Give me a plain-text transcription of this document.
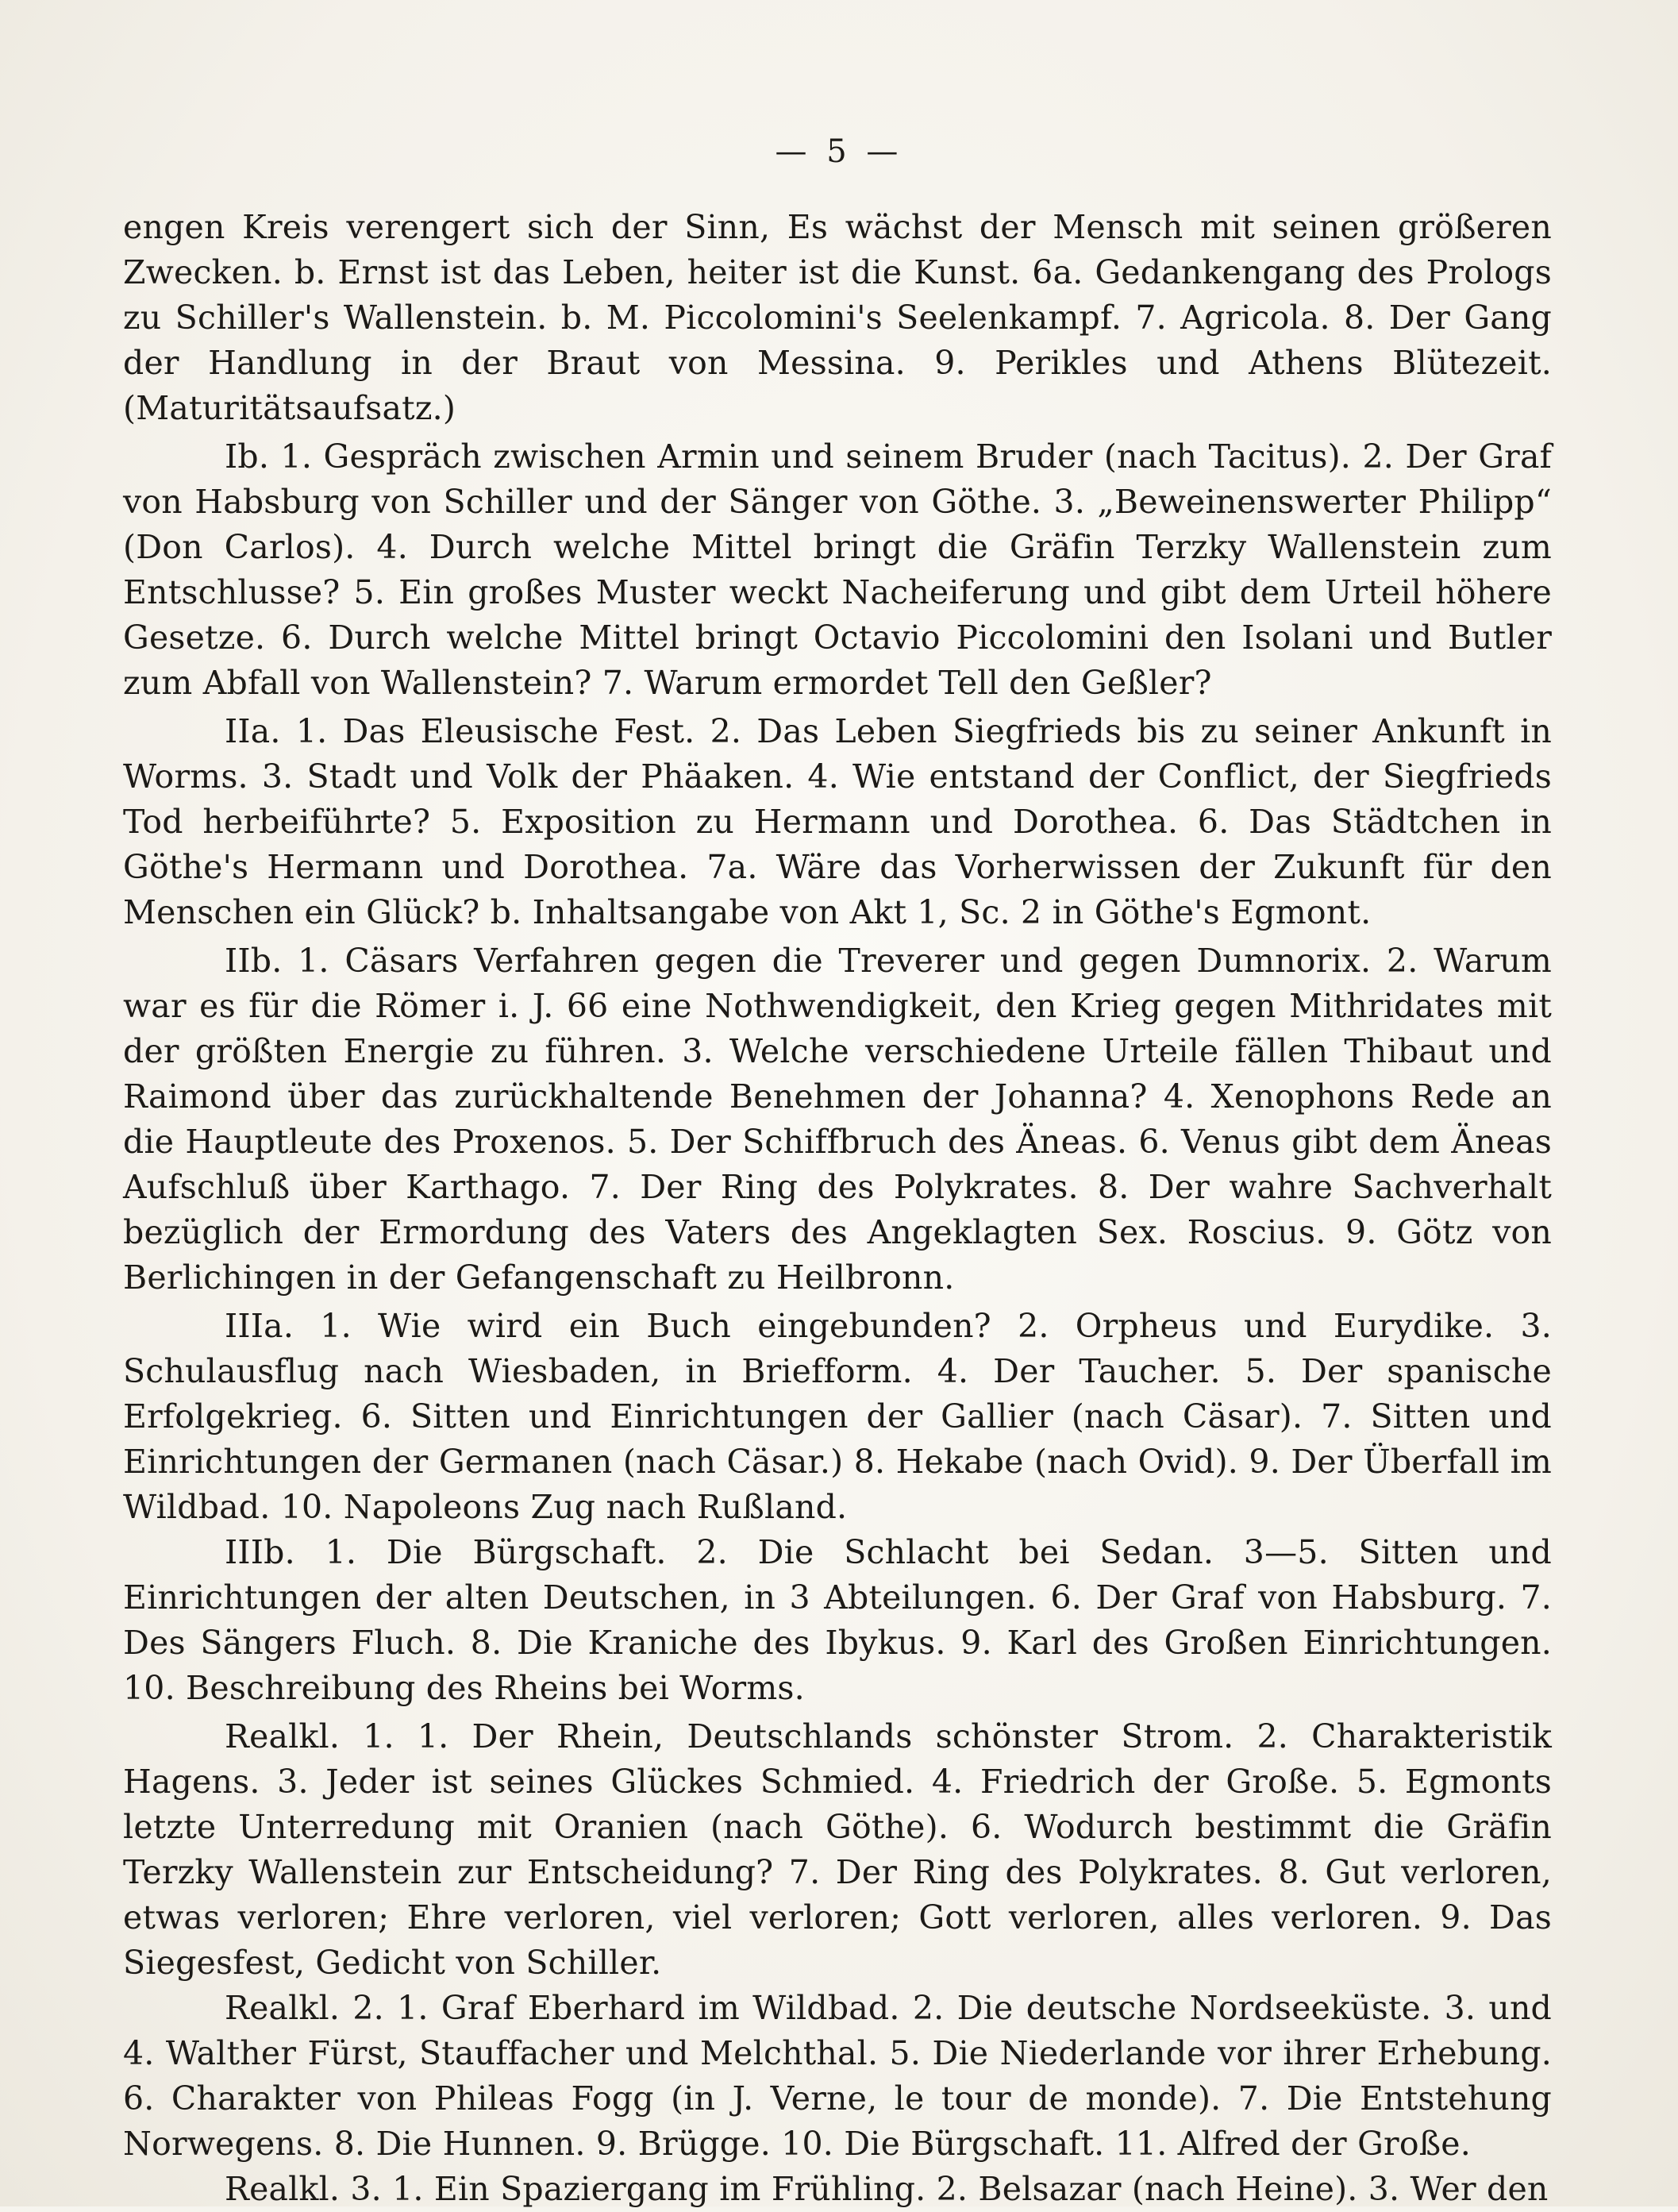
— 5 —

engen Kreis verengert sich der Sinn, Es wächst der Mensch mit seinen größeren Zwecken. b. Ernst ist das Leben, heiter ist die Kunst. 6a. Gedankengang des Prologs zu Schiller's Wallenstein. b. M. Piccolomini's Seelenkampf. 7. Agricola. 8. Der Gang der Handlung in der Braut von Messina. 9. Perikles und Athens Blütezeit. (Maturitätsaufsatz.)

Ib. 1. Gespräch zwischen Armin und seinem Bruder (nach Tacitus). 2. Der Graf von Habsburg von Schiller und der Sänger von Göthe. 3. „Beweinenswerter Philipp“ (Don Carlos). 4. Durch welche Mittel bringt die Gräfin Terzky Wallenstein zum Entschlusse? 5. Ein großes Muster weckt Nacheiferung und gibt dem Urteil höhere Gesetze. 6. Durch welche Mittel bringt Octavio Piccolomini den Isolani und Butler zum Abfall von Wallenstein? 7. Warum ermordet Tell den Geßler?

IIa. 1. Das Eleusische Fest. 2. Das Leben Siegfrieds bis zu seiner Ankunft in Worms. 3. Stadt und Volk der Phäaken. 4. Wie entstand der Conflict, der Siegfrieds Tod herbeiführte? 5. Exposition zu Hermann und Dorothea. 6. Das Städtchen in Göthe's Hermann und Dorothea. 7a. Wäre das Vorherwissen der Zukunft für den Menschen ein Glück? b. Inhaltsangabe von Akt 1, Sc. 2 in Göthe's Egmont.

IIb. 1. Cäsars Verfahren gegen die Treverer und gegen Dumnorix. 2. Warum war es für die Römer i. J. 66 eine Nothwendigkeit, den Krieg gegen Mithridates mit der größten Energie zu führen. 3. Welche verschiedene Urteile fällen Thibaut und Raimond über das zurückhaltende Benehmen der Johanna? 4. Xenophons Rede an die Hauptleute des Proxenos. 5. Der Schiffbruch des Äneas. 6. Venus gibt dem Äneas Aufschluß über Karthago. 7. Der Ring des Polykrates. 8. Der wahre Sachverhalt bezüglich der Ermordung des Vaters des Angeklagten Sex. Roscius. 9. Götz von Berlichingen in der Gefangenschaft zu Heilbronn.

IIIa. 1. Wie wird ein Buch eingebunden? 2. Orpheus und Eurydike. 3. Schulausflug nach Wiesbaden, in Briefform. 4. Der Taucher. 5. Der spanische Erfolgekrieg. 6. Sitten und Einrichtungen der Gallier (nach Cäsar). 7. Sitten und Einrichtungen der Germanen (nach Cäsar.) 8. Hekabe (nach Ovid). 9. Der Überfall im Wildbad. 10. Napoleons Zug nach Rußland.

IIIb. 1. Die Bürgschaft. 2. Die Schlacht bei Sedan. 3—5. Sitten und Einrichtungen der alten Deutschen, in 3 Abteilungen. 6. Der Graf von Habsburg. 7. Des Sängers Fluch. 8. Die Kraniche des Ibykus. 9. Karl des Großen Einrichtungen. 10. Beschreibung des Rheins bei Worms.

Realkl. 1. 1. Der Rhein, Deutschlands schönster Strom. 2. Charakteristik Hagens. 3. Jeder ist seines Glückes Schmied. 4. Friedrich der Große. 5. Egmonts letzte Unterredung mit Oranien (nach Göthe). 6. Wodurch bestimmt die Gräfin Terzky Wallenstein zur Entscheidung? 7. Der Ring des Polykrates. 8. Gut verloren, etwas verloren; Ehre verloren, viel verloren; Gott verloren, alles verloren. 9. Das Siegesfest, Gedicht von Schiller.

Realkl. 2. 1. Graf Eberhard im Wildbad. 2. Die deutsche Nordseeküste. 3. und 4. Walther Fürst, Stauffacher und Melchthal. 5. Die Niederlande vor ihrer Erhebung. 6. Charakter von Phileas Fogg (in J. Verne, le tour de monde). 7. Die Entstehung Norwegens. 8. Die Hunnen. 9. Brügge. 10. Die Bürgschaft. 11. Alfred der Große.

Realkl. 3. 1. Ein Spaziergang im Frühling. 2. Belsazar (nach Heine). 3. Wer den
